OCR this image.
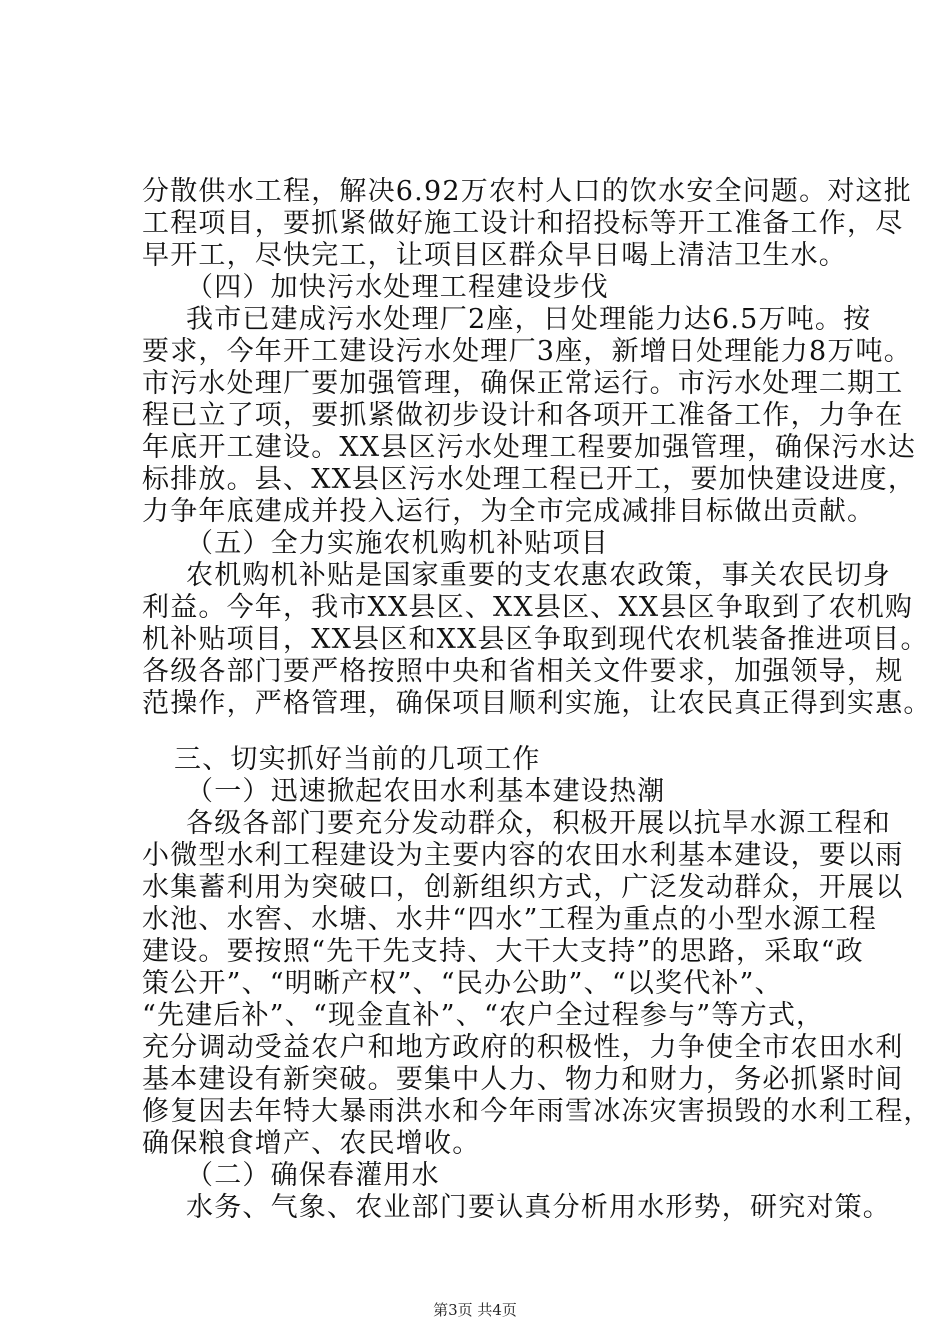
分散供水工程，解决6.92万农村人口的饮水安全问题。对这批
工程项目，要抓紧做好施工设计和招投标等开工准备工作，尽
早开工，尽快完工，让项目区群众早日喝上清洁卫生水。
（四）加快污水处理工程建设步伐
我市已建成污水处理厂2座，日处理能力达6.5万吨。按
要求，今年开工建设污水处理厂3座，新增日处理能力8万吨。
市污水处理厂要加强管理，确保正常运行。市污水处理二期工
程已立了项，要抓紧做初步设计和各项开工准备工作，力争在
年底开工建设。XX县区污水处理工程要加强管理，确保污水达
标排放。县、XX县区污水处理工程已开工，要加快建设进度，
力争年底建成并投入运行，为全市完成减排目标做出贡献。
（五）全力实施农机购机补贴项目
农机购机补贴是国家重要的支农惠农政策，事关农民切身
利益。今年，我市XX县区、XX县区、XX县区争取到了农机购
机补贴项目，XX县区和XX县区争取到现代农机装备推进项目。
各级各部门要严格按照中央和省相关文件要求，加强领导，规
范操作，严格管理，确保项目顺利实施，让农民真正得到实惠。
三、切实抓好当前的几项工作
（一）迅速掀起农田水利基本建设热潮
各级各部门要充分发动群众，积极开展以抗旱水源工程和
小微型水利工程建设为主要内容的农田水利基本建设，要以雨
水集蓄利用为突破口，创新组织方式，广泛发动群众，开展以
水池、水窖、水塘、水井“四水”工程为重点的小型水源工程
建设。要按照“先干先支持、大干大支持”的思路，采取“政
策公开”、“明晰产权”、“民办公助”、“以奖代补”、
“先建后补”、“现金直补”、“农户全过程参与”等方式，
充分调动受益农户和地方政府的积极性，力争使全市农田水利
基本建设有新突破。要集中人力、物力和财力，务必抓紧时间
修复因去年特大暴雨洪水和今年雨雪冰冻灾害损毁的水利工程，
确保粮食增产、农民增收。
（二）确保春灌用水
水务、气象、农业部门要认真分析用水形势，研究对策。
第3页 共4页
